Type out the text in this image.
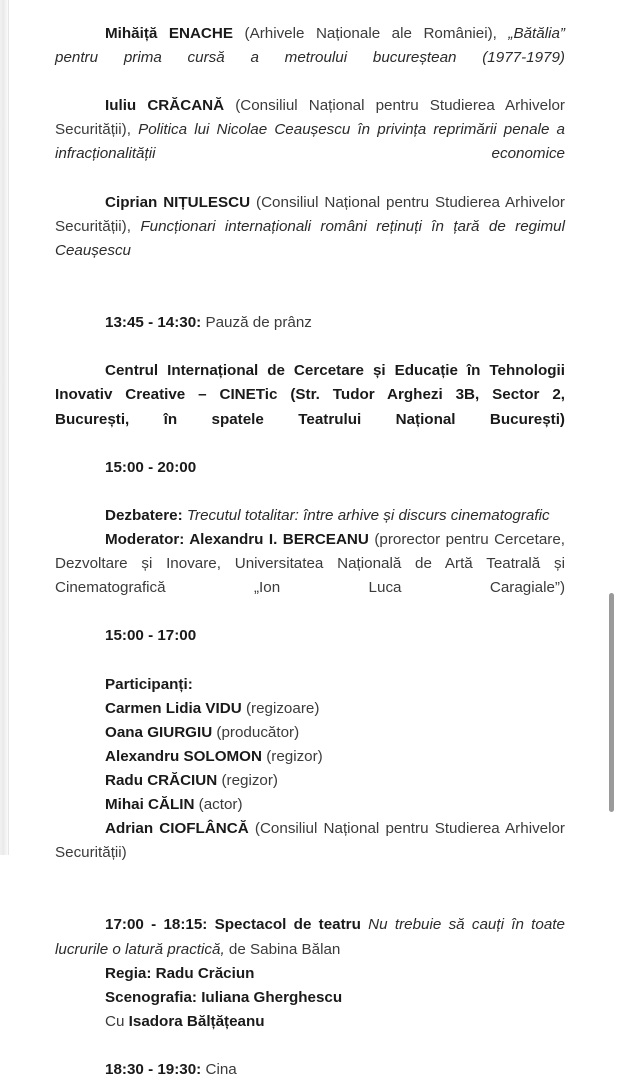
Mihăiță ENACHE (Arhivele Naționale ale României), „Bătălia” pentru prima cursă a metroului bucureștean (1977-1979)

Iuliu CRĂCANĂ (Consiliul Național pentru Studierea Arhivelor Securității), Politica lui Nicolae Ceaușescu în privința reprimării penale a infracționalității economice

Ciprian NIȚULESCU (Consiliul Național pentru Studierea Arhivelor Securității), Funcționari internaționali români reținuți în țară de regimul Ceaușescu

13:45 - 14:30: Pauză de prânz

Centrul Internațional de Cercetare și Educație în Tehnologii Inovativ Creative – CINETic (Str. Tudor Arghezi 3B, Sector 2, București, în spatele Teatrului Național București)

15:00 - 20:00

Dezbatere: Trecutul totalitar: între arhive și discurs cinematografic

Moderator: Alexandru I. BERCEANU (prorector pentru Cercetare, Dezvoltare și Inovare, Universitatea Națională de Artă Teatrală și Cinematografică „Ion Luca Caragiale”)

15:00 - 17:00

Participanți:

Carmen Lidia VIDU (regizoare)

Oana GIURGIU (producător)

Alexandru SOLOMON (regizor)

Radu CRĂCIUN (regizor)

Mihai CĂLIN (actor)

Adrian CIOFLÂNCĂ (Consiliul Național pentru Studierea Arhivelor Securității)

17:00 - 18:15: Spectacol de teatru Nu trebuie să cauți în toate lucrurile o latură practică, de Sabina Bălan

Regia: Radu Crăciun

Scenografia: Iuliana Gherghescu

Cu Isadora Bălțățeanu

18:30 - 19:30: Cina
